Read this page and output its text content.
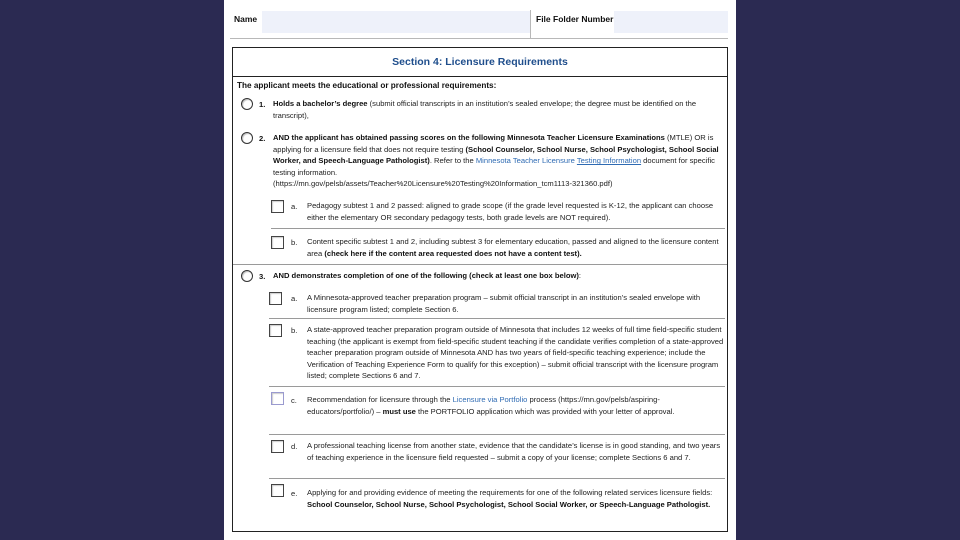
Name	File Folder Number
Section 4: Licensure Requirements
The applicant meets the educational or professional requirements:
1. Holds a bachelor’s degree (submit official transcripts in an institution’s sealed envelope; the degree must be identified on the transcript),
2. AND the applicant has obtained passing scores on the following Minnesota Teacher Licensure Examinations (MTLE) OR is applying for a licensure field that does not require testing (School Counselor, School Nurse, School Psychologist, School Social Worker, and Speech-Language Pathologist). Refer to the Minnesota Teacher Licensure Testing Information document for specific testing information.
(https://mn.gov/pelsb/assets/Teacher%20Licensure%20Testing%20Information_tcm1113-321360.pdf)
a. Pedagogy subtest 1 and 2 passed: aligned to grade scope (if the grade level requested is K-12, the applicant can choose either the elementary OR secondary pedagogy tests, both grade levels are NOT required).
b. Content specific subtest 1 and 2, including subtest 3 for elementary education, passed and aligned to the licensure content area (check here if the content area requested does not have a content test).
3. AND demonstrates completion of one of the following (check at least one box below):
a. A Minnesota-approved teacher preparation program – submit official transcript in an institution’s sealed envelope with licensure program listed; complete Section 6.
b. A state-approved teacher preparation program outside of Minnesota that includes 12 weeks of full time field-specific student teaching (the applicant is exempt from field-specific student teaching if the candidate verifies completion of a state-approved teacher preparation program outside of Minnesota AND has two years of field-specific teaching experience; include the Verification of Teaching Experience Form to qualify for this exception) – submit official transcript with the licensure program listed; complete Sections 6 and 7.
c. Recommendation for licensure through the Licensure via Portfolio process (https://mn.gov/pelsb/aspiring-educators/portfolio/) – must use the PORTFOLIO application which was provided with your letter of approval.
d. A professional teaching license from another state, evidence that the candidate’s license is in good standing, and two years of teaching experience in the licensure field requested – submit a copy of your license; complete Sections 6 and 7.
e. Applying for and providing evidence of meeting the requirements for one of the following related services licensure fields: School Counselor, School Nurse, School Psychologist, School Social Worker, or Speech-Language Pathologist.
